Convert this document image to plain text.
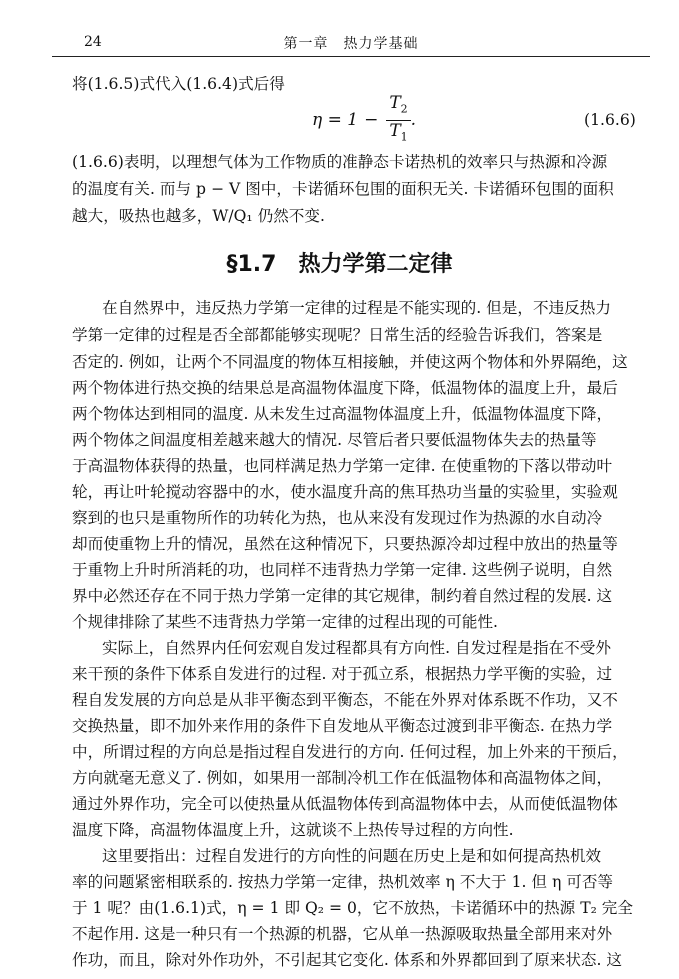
24	第一章　热力学基础
将(1.6.5)式代入(1.6.4)式后得
$\eta = 1 - \frac{T_2}{T_1}$ .	(1.6.6)
(1.6.6)表明，以理想气体为工作物质的准静态卡诺热机的效率只与热源和冷源
的温度有关. 而与 p − V 图中，卡诺循环包围的面积无关. 卡诺循环包围的面积
越大，吸热也越多，W/Q₁ 仍然不变.
§1.7　热力学第二定律
在自然界中，违反热力学第一定律的过程是不能实现的. 但是，不违反热力
学第一定律的过程是否全部都能够实现呢？日常生活的经验告诉我们，答案是
否定的. 例如，让两个不同温度的物体互相接触，并使这两个物体和外界隔绝，这
两个物体进行热交换的结果总是高温物体温度下降，低温物体的温度上升，最后
两个物体达到相同的温度. 从未发生过高温物体温度上升，低温物体温度下降，
两个物体之间温度相差越来越大的情况. 尽管后者只要低温物体失去的热量等
于高温物体获得的热量，也同样满足热力学第一定律. 在使重物的下落以带动叶
轮，再让叶轮搅动容器中的水，使水温度升高的焦耳热功当量的实验里，实验观
察到的也只是重物所作的功转化为热，也从来没有发现过作为热源的水自动冷
却而使重物上升的情况，虽然在这种情况下，只要热源冷却过程中放出的热量等
于重物上升时所消耗的功，也同样不违背热力学第一定律. 这些例子说明，自然
界中必然还存在不同于热力学第一定律的其它规律，制约着自然过程的发展. 这
个规律排除了某些不违背热力学第一定律的过程出现的可能性.
实际上，自然界内任何宏观自发过程都具有方向性. 自发过程是指在不受外
来干预的条件下体系自发进行的过程. 对于孤立系，根据热力学平衡的实验，过
程自发发展的方向总是从非平衡态到平衡态，不能在外界对体系既不作功，又不
交换热量，即不加外来作用的条件下自发地从平衡态过渡到非平衡态. 在热力学
中，所谓过程的方向总是指过程自发进行的方向. 任何过程，加上外来的干预后，
方向就毫无意义了. 例如，如果用一部制冷机工作在低温物体和高温物体之间，
通过外界作功，完全可以使热量从低温物体传到高温物体中去，从而使低温物体
温度下降，高温物体温度上升，这就谈不上热传导过程的方向性.
这里要指出：过程自发进行的方向性的问题在历史上是和如何提高热机效
率的问题紧密相联系的. 按热力学第一定律，热机效率 η 不大于 1. 但 η 可否等
于 1 呢？由(1.6.1)式，η = 1 即 Q₂ = 0，它不放热，卡诺循环中的热源 T₂ 完全
不起作用. 这是一种只有一个热源的机器，它从单一热源吸取热量全部用来对外
作功，而且，除对外作功外，不引起其它变化. 体系和外界都回到了原来状态. 这
